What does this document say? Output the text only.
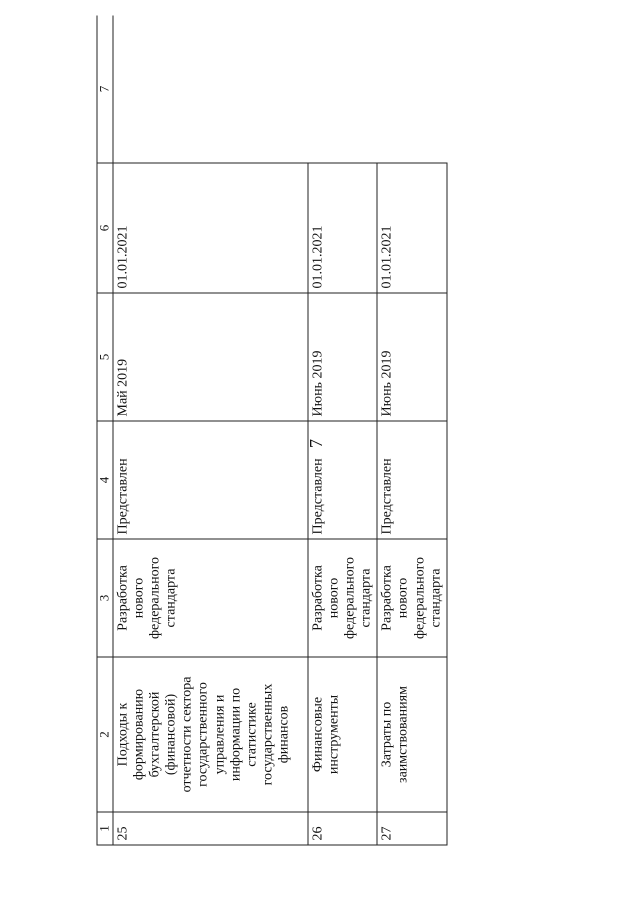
7
1	2	3	4	5	6	7
25	Подходы к формированию бухгалтерской (финансовой) отчетности сектора государственного управления и информации по статистике государственных финансов	Разработка нового федерального стандарта	Представлен	Май 2019	01.01.2021	
26	Финансовые инструменты	Разработка нового федерального стандарта	Представлен	Июнь 2019	01.01.2021	
27	Затраты по заимствованиям	Разработка нового федерального стандарта	Представлен	Июнь 2019	01.01.2021	
